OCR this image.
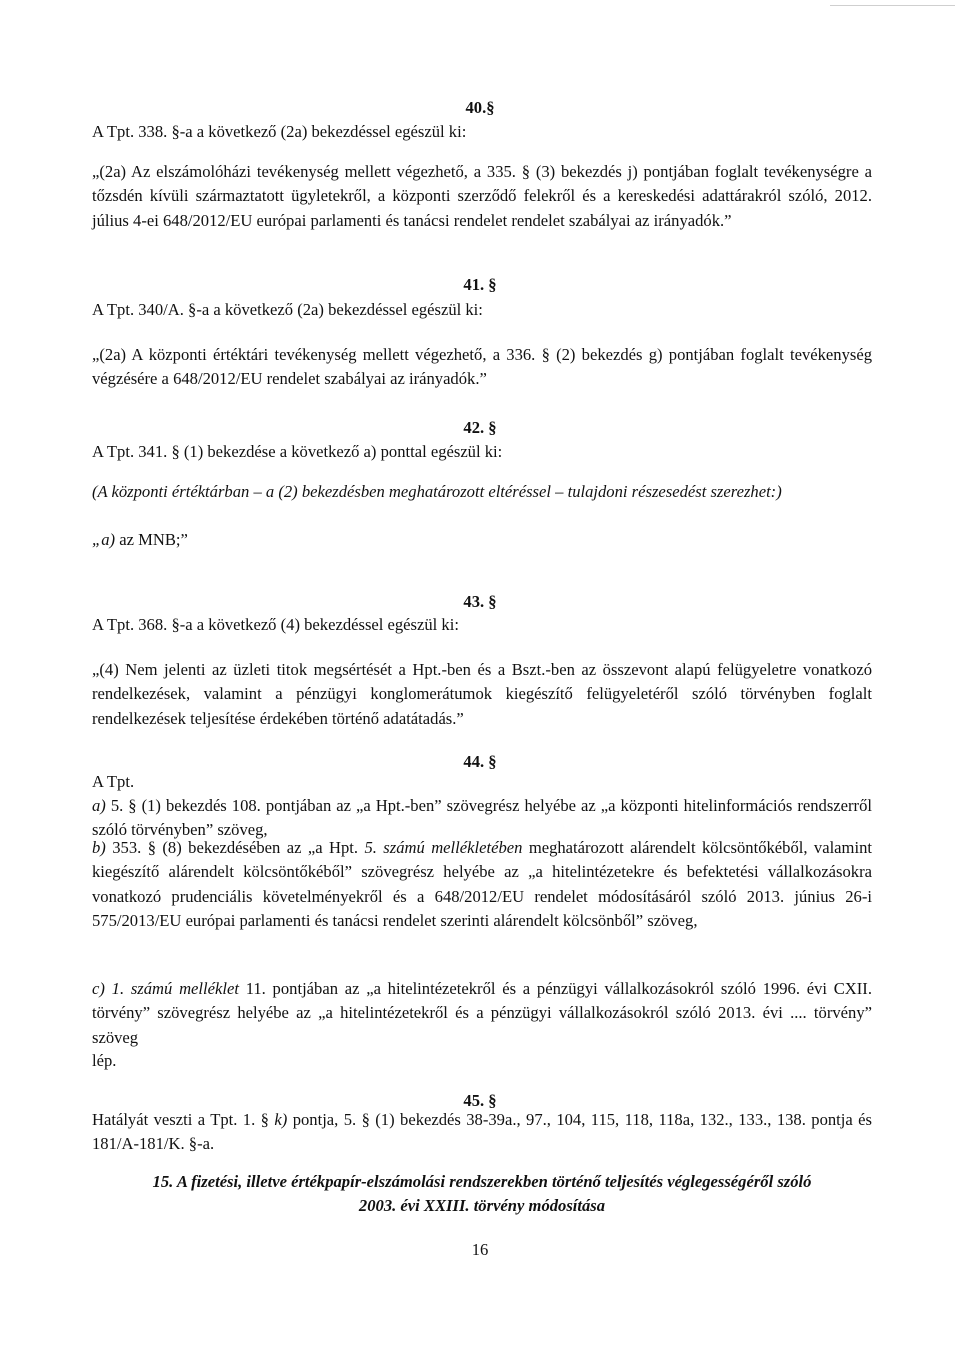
40.§

A Tpt. 338. §-a a következő (2a) bekezdéssel egészül ki:

„(2a) Az elszámolóházi tevékenység mellett végezhető, a 335. § (3) bekezdés j) pontjában foglalt tevékenységre a tőzsdén kívüli származtatott ügyletekről, a központi szerződő felekről és a kereskedési adattárakról szóló, 2012. július 4-ei 648/2012/EU európai parlamenti és tanácsi rendelet rendelet szabályai az irányadók.”

41. §

A Tpt. 340/A. §-a a következő (2a) bekezdéssel egészül ki:

„(2a) A központi értéktári tevékenység mellett végezhető, a 336. § (2) bekezdés g) pontjában foglalt tevékenység végzésére a 648/2012/EU rendelet szabályai az irányadók.”

42. §

A Tpt. 341. § (1) bekezdése a következő a) ponttal egészül ki:

(A központi értéktárban – a (2) bekezdésben meghatározott eltéréssel – tulajdoni részesedést szerezhet:)

„a) az MNB;”

43. §

A Tpt. 368. §-a a következő (4) bekezdéssel egészül ki:

„(4) Nem jelenti az üzleti titok megsértését a Hpt.-ben és a Bszt.-ben az összevont alapú felügyeletre vonatkozó rendelkezések, valamint a pénzügyi konglomerátumok kiegészítő felügyeletéről szóló törvényben foglalt rendelkezések teljesítése érdekében történő adatátadás.”

44. §

A Tpt.

a) 5. § (1) bekezdés 108. pontjában az „a Hpt.-ben” szövegrész helyébe az „a központi hitelinformációs rendszerről szóló törvényben” szöveg,

b) 353. § (8) bekezdésében az „a Hpt. 5. számú mellékletében meghatározott alárendelt kölcsöntőkéből, valamint kiegészítő alárendelt kölcsöntőkéből” szövegrész helyébe az „a hitelintézetekre és befektetési vállalkozásokra vonatkozó prudenciális követelményekről és a 648/2012/EU rendelet módosításáról szóló 2013. június 26-i 575/2013/EU európai parlamenti és tanácsi rendelet szerinti alárendelt kölcsönből” szöveg,

c) 1. számú melléklet 11. pontjában az „a hitelintézetekről és a pénzügyi vállalkozásokról szóló 1996. évi CXII. törvény” szövegrész helyébe az „a hitelintézetekről és a pénzügyi vállalkozásokról szóló 2013. évi .... törvény” szöveg

lép.

45. §

Hatályát veszti a Tpt. 1. § k) pontja, 5. § (1) bekezdés 38-39a., 97., 104, 115, 118, 118a, 132., 133., 138. pontja és 181/A-181/K. §-a.

15. A fizetési, illetve értékpapír-elszámolási rendszerekben történő teljesítés véglegességéről szóló
2003. évi XXIII. törvény módosítása
16
